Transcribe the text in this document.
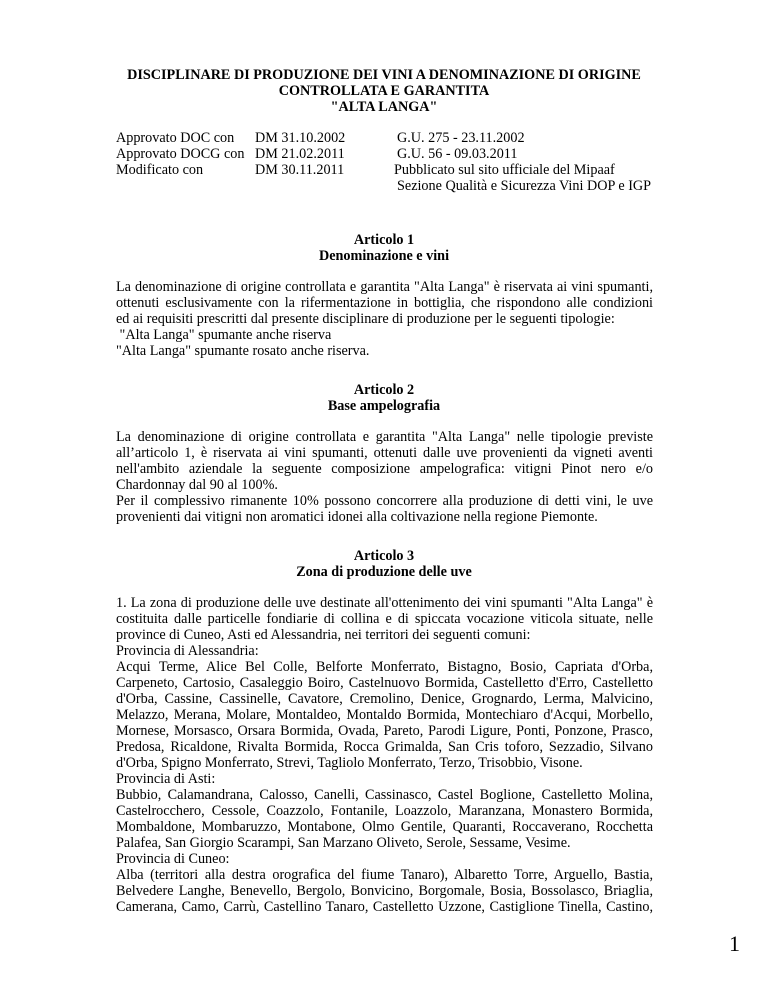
DISCIPLINARE DI PRODUZIONE DEI VINI A DENOMINAZIONE DI ORIGINE
CONTROLLATA E GARANTITA
"ALTA LANGA"
Approvato DOC con DM 31.10.2002	G.U. 275 - 23.11.2002
Approvato DOCG con DM 21.02.2011	G.U. 56 - 09.03.2011
Modificato con	DM 30.11.2011	Pubblicato sul sito ufficiale del Mipaaf
Sezione Qualità e Sicurezza Vini DOP e IGP
Articolo 1
Denominazione e vini
La denominazione di origine controllata e garantita "Alta Langa" è riservata ai vini spumanti,
ottenuti esclusivamente con la rifermentazione in bottiglia, che rispondono alle condizioni
ed ai requisiti prescritti dal presente disciplinare di produzione per le seguenti tipologie:
"Alta Langa" spumante anche riserva
"Alta Langa" spumante rosato anche riserva.
Articolo 2
Base ampelografia
La denominazione di origine controllata e garantita "Alta Langa" nelle tipologie previste
all’articolo 1, è riservata ai vini spumanti, ottenuti dalle uve provenienti da vigneti aventi
nell'ambito aziendale la seguente composizione ampelografica: vitigni Pinot nero e/o
Chardonnay dal 90 al 100%.
Per il complessivo rimanente 10% possono concorrere alla produzione di detti vini, le uve
provenienti dai vitigni non aromatici idonei alla coltivazione nella regione Piemonte.
Articolo 3
Zona di produzione delle uve
1. La zona di produzione delle uve destinate all'ottenimento dei vini spumanti "Alta Langa" è
costituita dalle particelle fondiarie di collina e di spiccata vocazione viticola situate, nelle
province di Cuneo, Asti ed Alessandria, nei territori dei seguenti comuni:
Provincia di Alessandria:
Acqui Terme, Alice Bel Colle, Belforte Monferrato, Bistagno, Bosio, Capriata d'Orba,
Carpeneto, Cartosio, Casaleggio Boiro, Castelnuovo Bormida, Castelletto d'Erro, Castelletto
d'Orba, Cassine, Cassinelle, Cavatore, Cremolino, Denice, Grognardo, Lerma, Malvicino,
Melazzo, Merana, Molare, Montaldeo, Montaldo Bormida, Montechiaro d'Acqui, Morbello,
Mornese, Morsasco, Orsara Bormida, Ovada, Pareto, Parodi Ligure, Ponti, Ponzone, Prasco,
Predosa, Ricaldone, Rivalta Bormida, Rocca Grimalda, San Cris toforo, Sezzadio, Silvano
d'Orba, Spigno Monferrato, Strevi, Tagliolo Monferrato, Terzo, Trisobbio, Visone.
Provincia di Asti:
Bubbio, Calamandrana, Calosso, Canelli, Cassinasco, Castel Boglione, Castelletto Molina,
Castelrocchero, Cessole, Coazzolo, Fontanile, Loazzolo, Maranzana, Monastero Bormida,
Mombaldone, Mombaruzzo, Montabone, Olmo Gentile, Quaranti, Roccaverano, Rocchetta
Palafea, San Giorgio Scarampi, San Marzano Oliveto, Serole, Sessame, Vesime.
Provincia di Cuneo:
Alba (territori alla destra orografica del fiume Tanaro), Albaretto Torre, Arguello, Bastia,
Belvedere Langhe, Benevello, Bergolo, Bonvicino, Borgomale, Bosia, Bossolasco, Briaglia,
Camerana, Camo, Carrù, Castellino Tanaro, Castelletto Uzzone, Castiglione Tinella, Castino,
1
